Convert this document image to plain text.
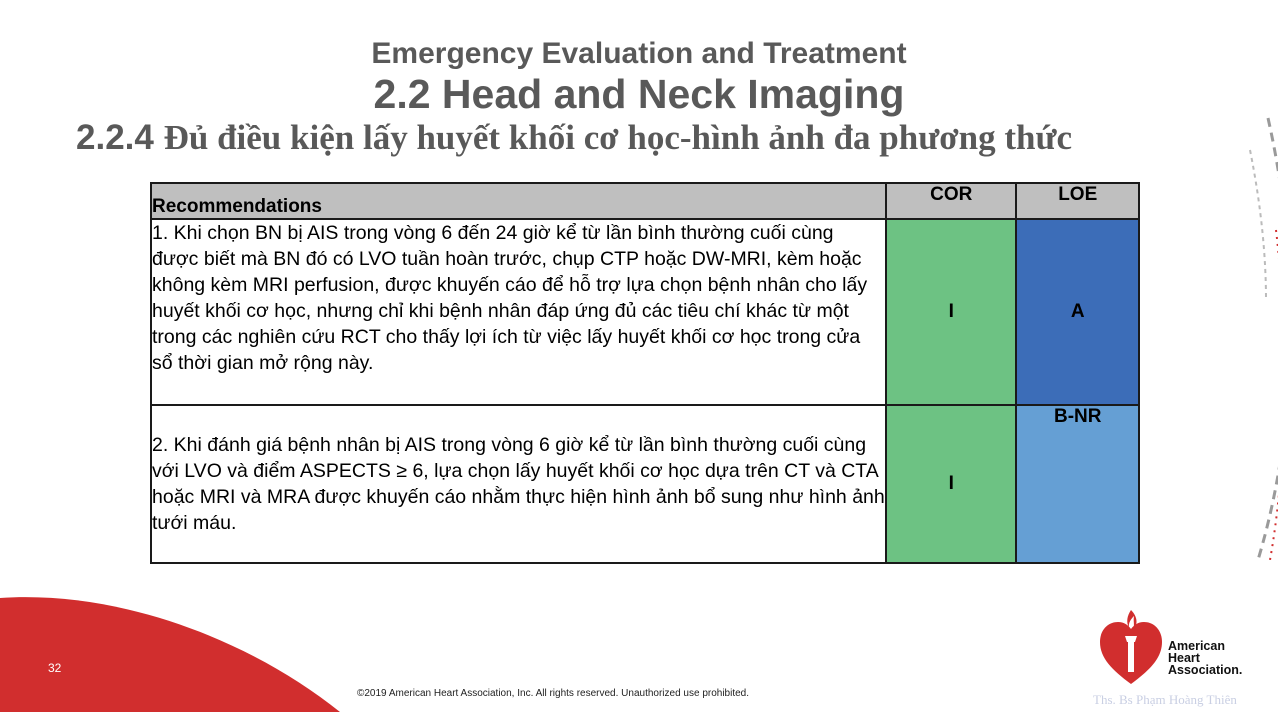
Emergency Evaluation and Treatment
2.2 Head and Neck Imaging
2.2.4 Đủ điều kiện lấy huyết khối cơ học-hình ảnh đa phương thức
Recommendations	COR	LOE
1. Khi chọn BN bị AIS trong vòng 6 đến 24 giờ kể từ lần bình thường cuối cùng được biết mà BN đó có LVO tuần hoàn trước, chụp CTP hoặc DW-MRI, kèm hoặc không kèm MRI perfusion, được khuyến cáo để hỗ trợ lựa chọn bệnh nhân cho lấy huyết khối cơ học, nhưng chỉ khi bệnh nhân đáp ứng đủ các tiêu chí khác từ một trong các nghiên cứu RCT cho thấy lợi ích từ việc lấy huyết khối cơ học trong cửa sổ thời gian mở rộng này.	I	A
2. Khi đánh giá bệnh nhân bị AIS trong vòng 6 giờ kể từ lần bình thường cuối cùng với LVO và điểm ASPECTS ≥ 6, lựa chọn lấy huyết khối cơ học dựa trên CT và CTA hoặc MRI và MRA được khuyến cáo nhằm thực hiện hình ảnh bổ sung như hình ảnh tưới máu.	I	B-NR
32
©2019 American Heart Association, Inc. All rights reserved. Unauthorized use prohibited.
American
Heart
Association.
Ths. Bs Phạm Hoàng Thiên
